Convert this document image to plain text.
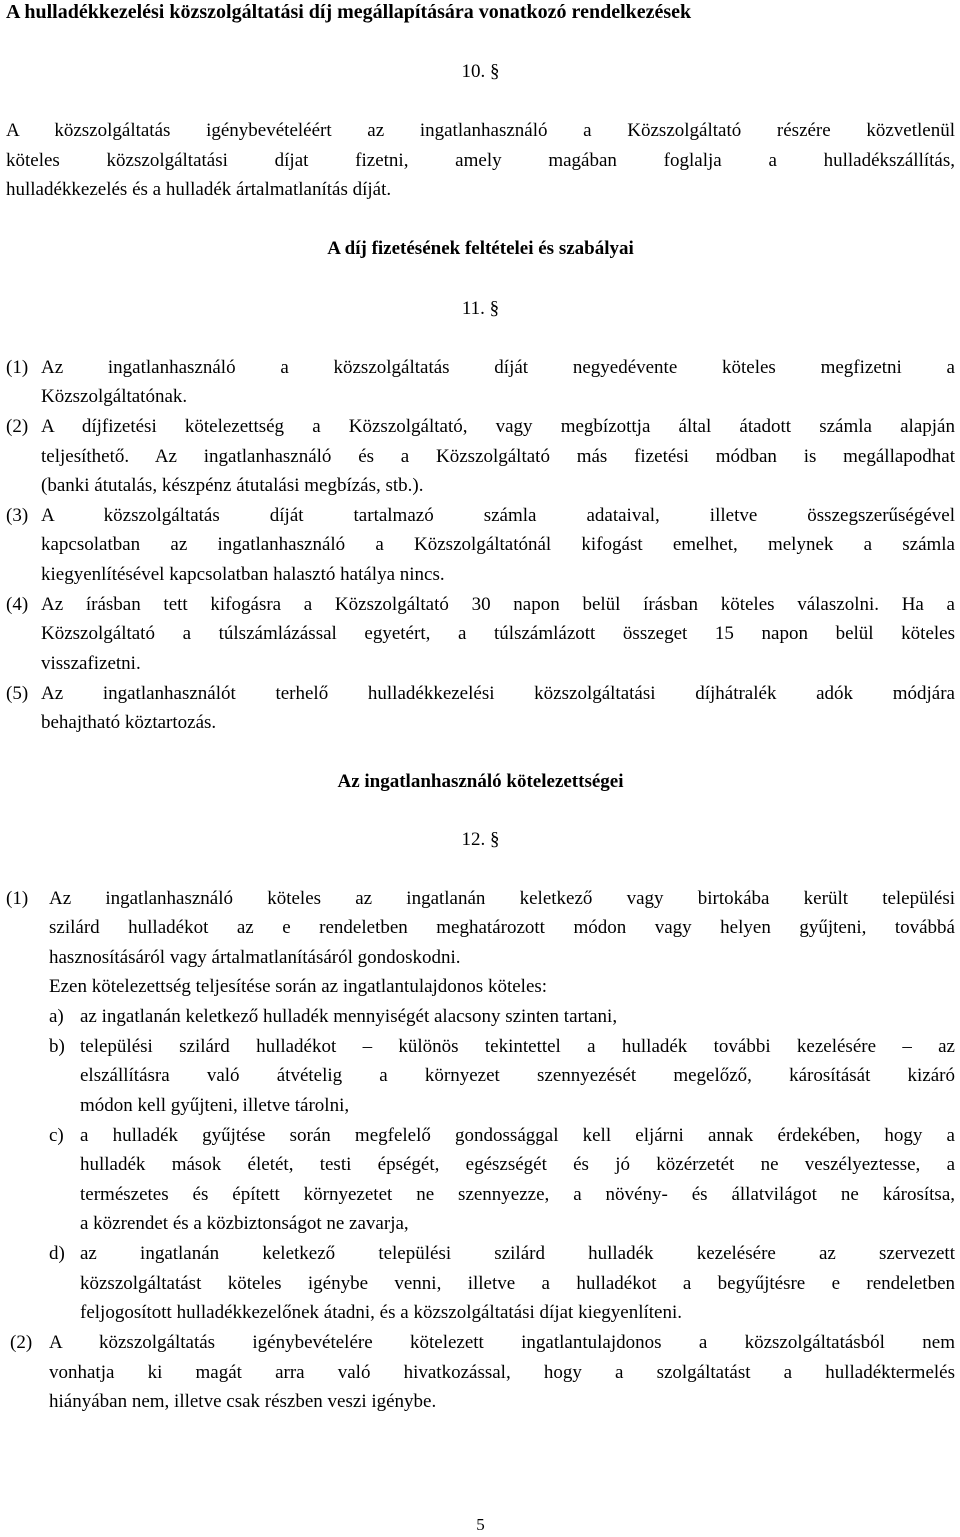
A hulladékkezelési közszolgáltatási díj megállapítására vonatkozó rendelkezések
10. §
A közszolgáltatás igénybevételéért az ingatlanhasználó a Közszolgáltató részére közvetlenül
köteles közszolgáltatási díjat fizetni, amely magában foglalja a hulladékszállítás,
hulladékkezelés és a hulladék ártalmatlanítás díját.
A díj fizetésének feltételei és szabályai
11. §
(1) Az ingatlanhasználó a közszolgáltatás díját negyedévente köteles megfizetni a
Közszolgáltatónak.
(2) A díjfizetési kötelezettség a Közszolgáltató, vagy megbízottja által átadott számla alapján
teljesíthető. Az ingatlanhasználó és a Közszolgáltató más fizetési módban is megállapodhat
(banki átutalás, készpénz átutalási megbízás, stb.).
(3) A közszolgáltatás díját tartalmazó számla adataival, illetve összegszerűségével
kapcsolatban az ingatlanhasználó a Közszolgáltatónál kifogást emelhet, melynek a számla
kiegyenlítésével kapcsolatban halasztó hatálya nincs.
(4) Az írásban tett kifogásra a Közszolgáltató 30 napon belül írásban köteles válaszolni. Ha a
Közszolgáltató a túlszámlázással egyetért, a túlszámlázott összeget 15 napon belül köteles
visszafizetni.
(5) Az ingatlanhasználót terhelő hulladékkezelési közszolgáltatási díjhátralék adók módjára
behajtható köztartozás.
Az ingatlanhasználó kötelezettségei
12. §
(1) Az ingatlanhasználó köteles az ingatlanán keletkező vagy birtokába került települési
szilárd hulladékot az e rendeletben meghatározott módon vagy helyen gyűjteni, továbbá
hasznosításáról vagy ártalmatlanításáról gondoskodni.
Ezen kötelezettség teljesítése során az ingatlantulajdonos köteles:
a) az ingatlanán keletkező hulladék mennyiségét alacsony szinten tartani,
b) települési szilárd hulladékot – különös tekintettel a hulladék további kezelésére – az
elszállításra való átvételig a környezet szennyezését megelőző, károsítását kizáró
módon kell gyűjteni, illetve tárolni,
c) a hulladék gyűjtése során megfelelő gondossággal kell eljárni annak érdekében, hogy a
hulladék mások életét, testi épségét, egészségét és jó közérzetét ne veszélyeztesse, a
természetes és épített környezetet ne szennyezze, a növény- és állatvilágot ne károsítsa,
a közrendet és a közbiztonságot ne zavarja,
d) az ingatlanán keletkező települési szilárd hulladék kezelésére az szervezett
közszolgáltatást köteles igénybe venni, illetve a hulladékot a begyűjtésre e rendeletben
feljogosított hulladékkezelőnek átadni, és a közszolgáltatási díjat kiegyenlíteni.
(2) A közszolgáltatás igénybevételére kötelezett ingatlantulajdonos a közszolgáltatásból nem
vonhatja ki magát arra való hivatkozással, hogy a szolgáltatást a hulladéktermelés
hiányában nem, illetve csak részben veszi igénybe.
5
